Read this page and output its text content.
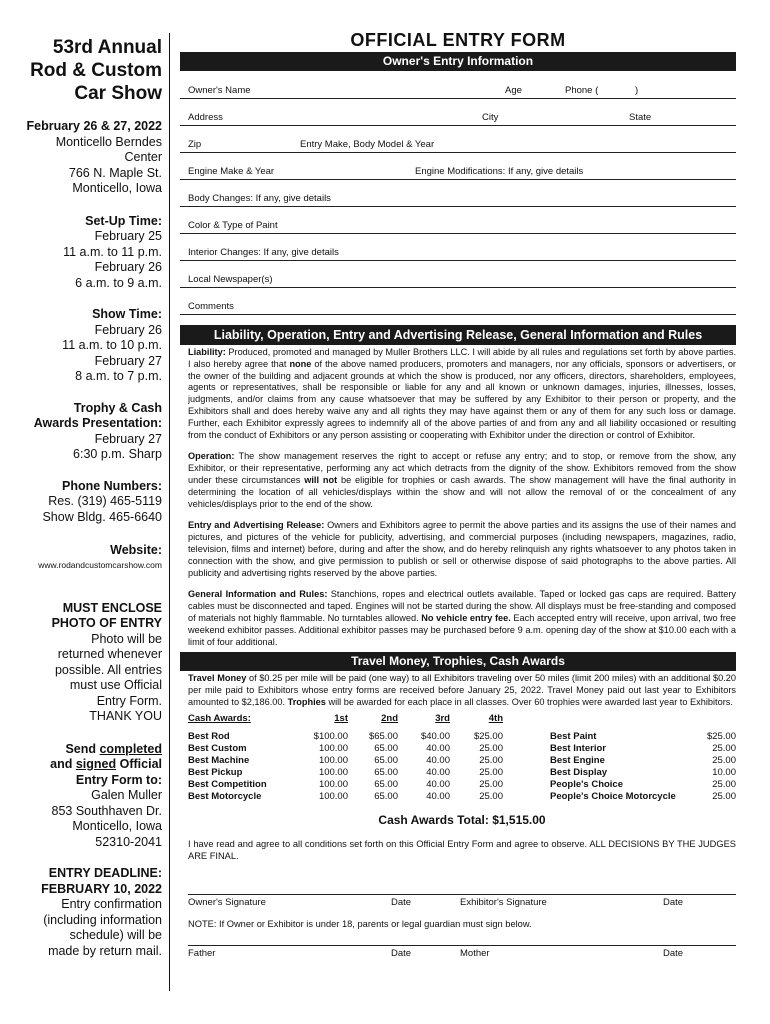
53rd Annual
Rod & Custom
Car Show
February 26 & 27, 2022
Monticello Berndes
Center
766 N. Maple St.
Monticello, Iowa
Set-Up Time:
February 25
11 a.m. to 11 p.m.
February 26
6 a.m. to 9 a.m.
Show Time:
February 26
11 a.m. to 10 p.m.
February 27
8 a.m. to 7 p.m.
Trophy & Cash
Awards Presentation:
February 27
6:30 p.m. Sharp
Phone Numbers:
Res. (319) 465-5119
Show Bldg. 465-6640
Website:
www.rodandcustomcarshow.com
MUST ENCLOSE
PHOTO OF ENTRY
Photo will be
returned whenever
possible. All entries
must use Official
Entry Form.
THANK YOU
Send completed
and signed Official
Entry Form to:
Galen Muller
853 Southhaven Dr.
Monticello, Iowa
52310-2041
ENTRY DEADLINE:
FEBRUARY 10, 2022
Entry confirmation
(including information
schedule) will be
made by return mail.
OFFICIAL ENTRY FORM
Owner's Entry Information
Owner's Name	Age	Phone (	)
Address	City	State
Zip	Entry Make, Body Model & Year
Engine Make & Year	Engine Modifications: If any, give details
Body Changes: If any, give details
Color & Type of Paint
Interior Changes: If any, give details
Local Newspaper(s)
Comments
Liability, Operation, Entry and Advertising Release, General Information and Rules

Liability: Produced, promoted and managed by Muller Brothers LLC. I will abide by all rules and regulations set forth by above parties. I also hereby agree that none of the above named producers, promoters and managers, nor any officials, sponsors or advertisers, or the owner of the building and adjacent grounds at which the show is produced, nor any officers, directors, shareholders, employees, agents or representatives, shall be responsible or liable for any and all known or unknown damages, injuries, illnesses, losses, judgments, and/or claims from any cause whatsoever that may be suffered by any Exhibitor to their person or property, and the Exhibitors shall and does hereby waive any and all rights they may have against them or any of them for any such loss or damage. Further, each Exhibitor expressly agrees to indemnify all of the above parties of and from any and all liability occasioned or resulting from the conduct of Exhibitors or any person assisting or cooperating with Exhibitor under the direction or control of Exhibitor.

Operation: The show management reserves the right to accept or refuse any entry; and to stop, or remove from the show, any Exhibitor, or their representative, performing any act which detracts from the dignity of the show. Exhibitors removed from the show under these circumstances will not be eligible for trophies or cash awards. The show management will have the final authority in determining the location of all vehicles/displays within the show and will not allow the removal of or the concealment of any vehicles/displays prior to the end of the show.

Entry and Advertising Release: Owners and Exhibitors agree to permit the above parties and its assigns the use of their names and pictures, and pictures of the vehicle for publicity, advertising, and commercial purposes (including newspapers, magazines, radio, television, films and internet) before, during and after the show, and do hereby relinquish any rights whatsoever to any photos taken in connection with the show, and give permission to publish or sell or otherwise dispose of said photographs to the above parties. All publicity and advertising rights reserved by the above parties.

General Information and Rules: Stanchions, ropes and electrical outlets available. Taped or locked gas caps are required. Battery cables must be disconnected and taped. Engines will not be started during the show. All displays must be free-standing and composed of materials not highly flammable. No turntables allowed. No vehicle entry fee. Each accepted entry will receive, upon arrival, two free weekend exhibitor passes. Additional exhibitor passes may be purchased before 9 a.m. opening day of the show at $10.00 each with a limit of four additional.

Travel Money, Trophies, Cash Awards

Travel Money of $0.25 per mile will be paid (one way) to all Exhibitors traveling over 50 miles (limit 200 miles) with an additional $0.20 per mile paid to Exhibitors whose entry forms are received before January 25, 2022. Travel Money paid out last year to Exhibitors amounted to $2,186.00. Trophies will be awarded for each place in all classes. Over 60 trophies were awarded last year to Exhibitors.

Cash Awards:	1st	2nd	3rd	4th
Best Rod	$100.00	$65.00	$40.00	$25.00
Best Custom	100.00	65.00	40.00	25.00
Best Machine	100.00	65.00	40.00	25.00
Best Pickup	100.00	65.00	40.00	25.00
Best Competition	100.00	65.00	40.00	25.00
Best Motorcycle	100.00	65.00	40.00	25.00
Best Paint	$25.00
Best Interior	25.00
Best Engine	25.00
Best Display	10.00
People's Choice	25.00
People's Choice Motorcycle	25.00
Cash Awards Total: $1,515.00

I have read and agree to all conditions set forth on this Official Entry Form and agree to observe. ALL DECISIONS BY THE JUDGES ARE FINAL.

Owner's Signature	Date	Exhibitor's Signature	Date
NOTE: If Owner or Exhibitor is under 18, parents or legal guardian must sign below.
Father	Date	Mother	Date
